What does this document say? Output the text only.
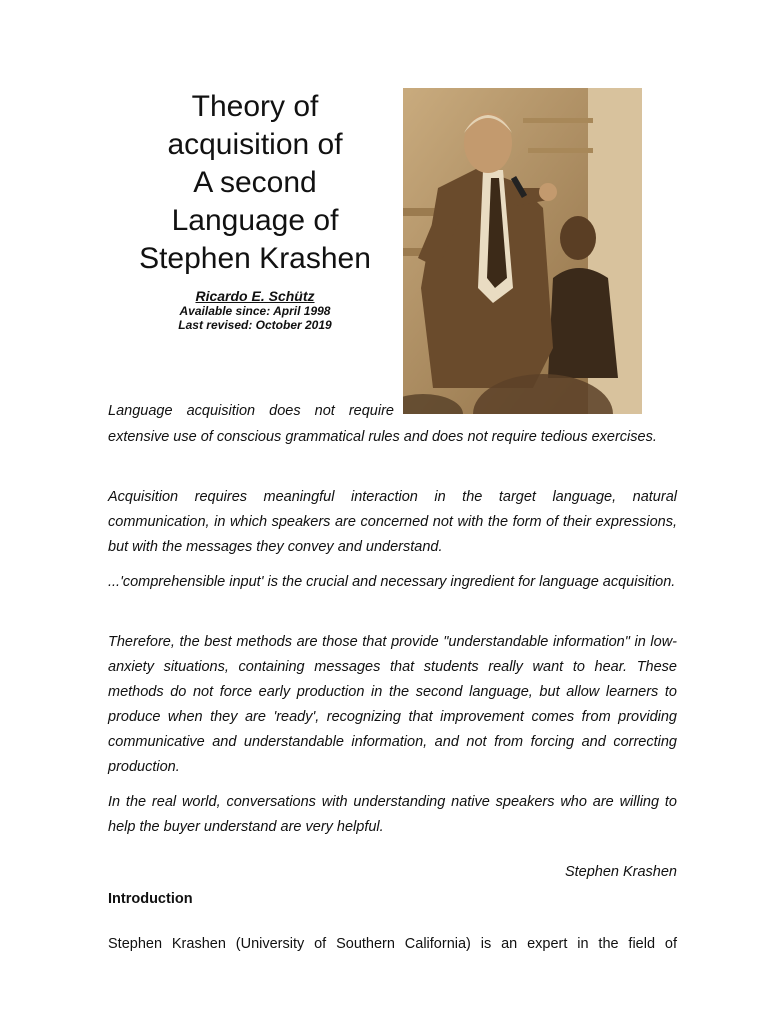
Theory of
acquisition of
A second
Language of
Stephen Krashen
Ricardo E. Schütz
Available since: April 1998
Last revised: October 2019
Language acquisition does not require
extensive use of conscious grammatical rules and does not require tedious exercises.
Acquisition requires meaningful interaction in the target language, natural communication, in which speakers are concerned not with the form of their expressions, but with the messages they convey and understand.
...'comprehensible input' is the crucial and necessary ingredient for language acquisition.
Therefore, the best methods are those that provide "understandable information" in low-anxiety situations, containing messages that students really want to hear. These methods do not force early production in the second language, but allow learners to produce when they are 'ready', recognizing that improvement comes from providing communicative and understandable information, and not from forcing and correcting production.
In the real world, conversations with understanding native speakers who are willing to help the buyer understand are very helpful.
Stephen Krashen
Introduction
Stephen Krashen (University of Southern California) is an expert in the field of
